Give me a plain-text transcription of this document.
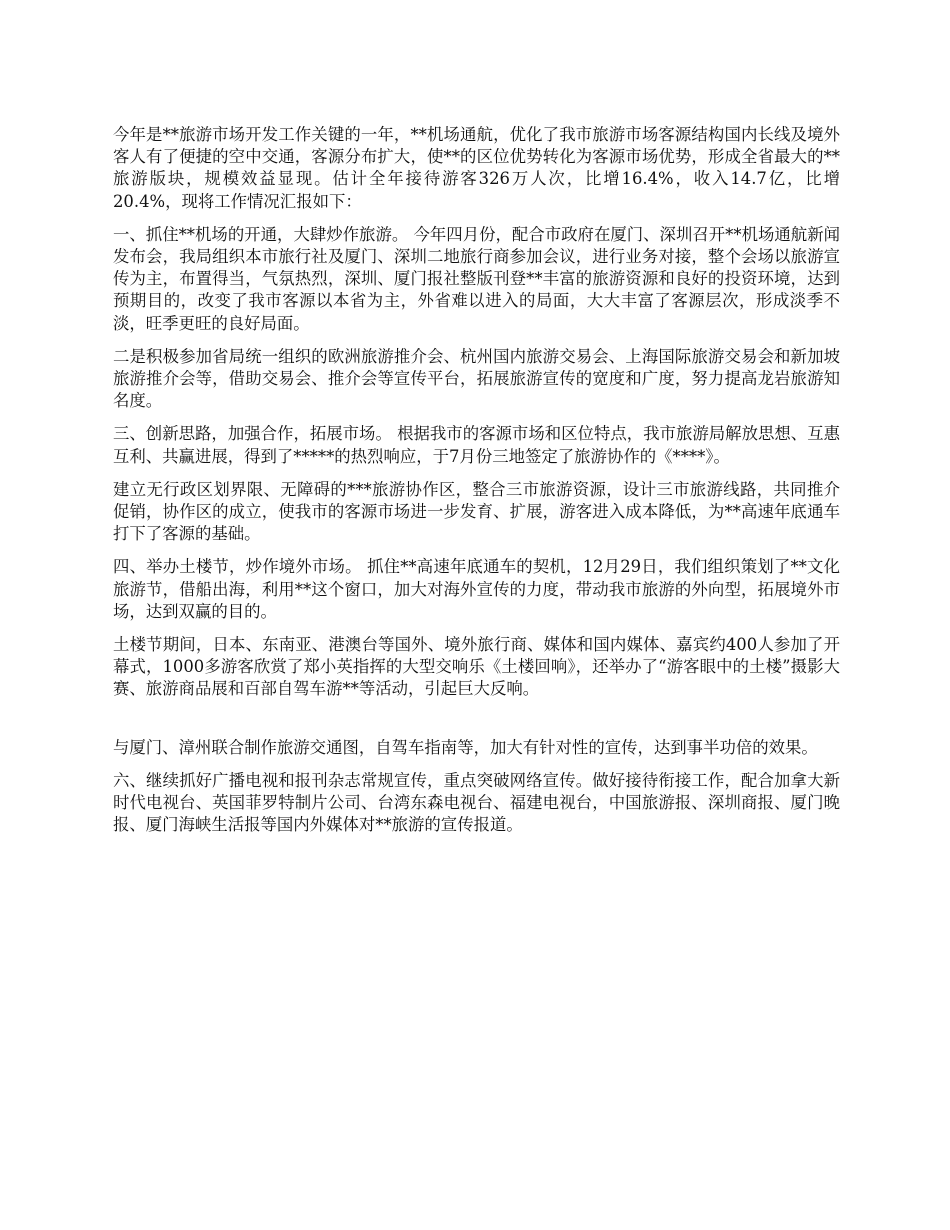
今年是**旅游市场开发工作关键的一年，**机场通航，优化了我市旅游市场客源结构国内长线及境外客人有了便捷的空中交通，客源分布扩大，使**的区位优势转化为客源市场优势，形成全省最大的**旅游版块，规模效益显现。估计全年接待游客326万人次，比增16.4%，收入14.7亿，比增20.4%，现将工作情况汇报如下：

一、抓住**机场的开通，大肆炒作旅游。 今年四月份，配合市政府在厦门、深圳召开**机场通航新闻发布会，我局组织本市旅行社及厦门、深圳二地旅行商参加会议，进行业务对接，整个会场以旅游宣传为主，布置得当，气氛热烈，深圳、厦门报社整版刊登**丰富的旅游资源和良好的投资环境，达到预期目的，改变了我市客源以本省为主，外省难以进入的局面，大大丰富了客源层次，形成淡季不淡，旺季更旺的良好局面。

二是积极参加省局统一组织的欧洲旅游推介会、杭州国内旅游交易会、上海国际旅游交易会和新加坡旅游推介会等，借助交易会、推介会等宣传平台，拓展旅游宣传的宽度和广度，努力提高龙岩旅游知名度。

三、创新思路，加强合作，拓展市场。 根据我市的客源市场和区位特点，我市旅游局解放思想、互惠互利、共赢进展，得到了*****的热烈响应，于7月份三地签定了旅游协作的《****》。

建立无行政区划界限、无障碍的***旅游协作区，整合三市旅游资源，设计三市旅游线路，共同推介促销，协作区的成立，使我市的客源市场进一步发育、扩展，游客进入成本降低，为**高速年底通车打下了客源的基础。

四、举办土楼节，炒作境外市场。 抓住**高速年底通车的契机，12月29日，我们组织策划了**文化旅游节，借船出海，利用**这个窗口，加大对海外宣传的力度，带动我市旅游的外向型，拓展境外市场，达到双赢的目的。

土楼节期间，日本、东南亚、港澳台等国外、境外旅行商、媒体和国内媒体、嘉宾约400人参加了开幕式，1000多游客欣赏了郑小英指挥的大型交响乐《土楼回响》，还举办了“游客眼中的土楼”摄影大赛、旅游商品展和百部自驾车游**等活动，引起巨大反响。

与厦门、漳州联合制作旅游交通图，自驾车指南等，加大有针对性的宣传，达到事半功倍的效果。

六、继续抓好广播电视和报刊杂志常规宣传，重点突破网络宣传。做好接待衔接工作，配合加拿大新时代电视台、英国菲罗特制片公司、台湾东森电视台、福建电视台，中国旅游报、深圳商报、厦门晚报、厦门海峡生活报等国内外媒体对**旅游的宣传报道。
